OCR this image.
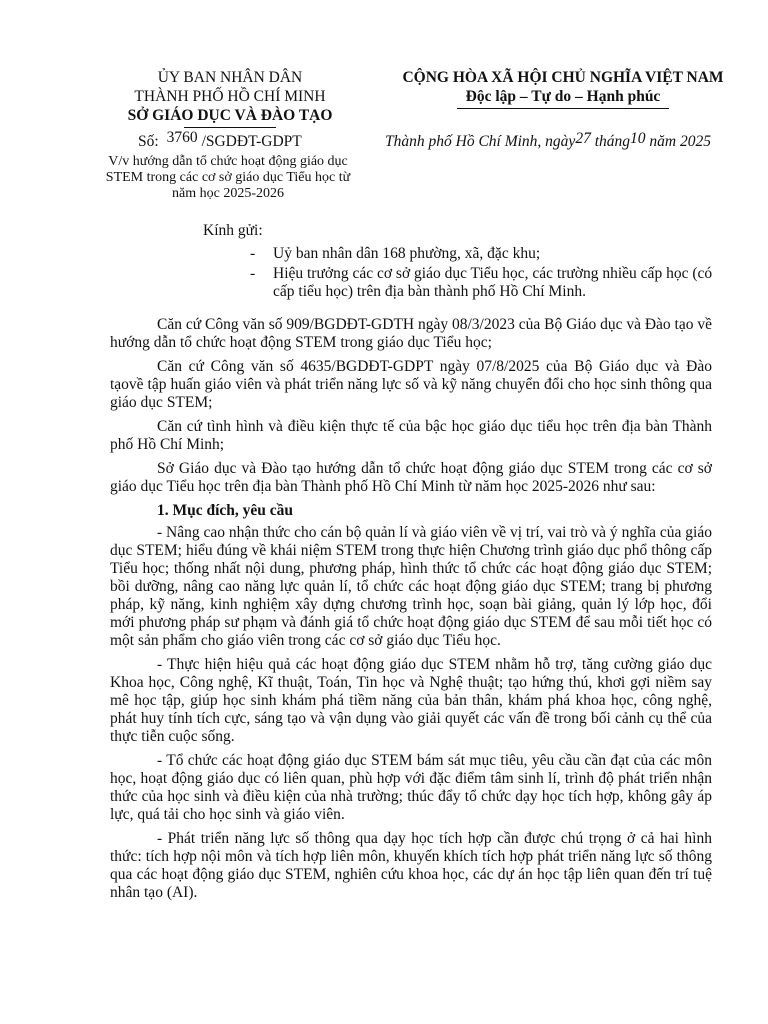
ỦY BAN NHÂN DÂN
THÀNH PHỐ HỒ CHÍ MINH
SỞ GIÁO DỤC VÀ ĐÀO TẠO
CỘNG HÒA XÃ HỘI CHỦ NGHĨA VIỆT NAM
Độc lập – Tự do – Hạnh phúc
Số: 3760 /SGDĐT-GDPT
V/v hướng dẫn tổ chức hoạt động giáo dục STEM trong các cơ sở giáo dục Tiểu học từ năm học 2025-2026
Thành phố Hồ Chí Minh, ngày27 tháng10 năm 2025
Kính gửi:
- Uỷ ban nhân dân 168 phường, xã, đặc khu;
- Hiệu trưởng các cơ sở giáo dục Tiểu học, các trường nhiều cấp học (có cấp tiểu học) trên địa bàn thành phố Hồ Chí Minh.

Căn cứ Công văn số 909/BGDĐT-GDTH ngày 08/3/2023 của Bộ Giáo dục và Đào tạo về hướng dẫn tổ chức hoạt động STEM trong giáo dục Tiểu học;

Căn cứ Công văn số 4635/BGDĐT-GDPT ngày 07/8/2025 của Bộ Giáo dục và Đào tạovề tập huấn giáo viên và phát triển năng lực số và kỹ năng chuyển đổi cho học sinh thông qua giáo dục STEM;

Căn cứ tình hình và điều kiện thực tế của bậc học giáo dục tiểu học trên địa bàn Thành phố Hồ Chí Minh;

Sở Giáo dục và Đào tạo hướng dẫn tổ chức hoạt động giáo dục STEM trong các cơ sở giáo dục Tiểu học trên địa bàn Thành phố Hồ Chí Minh từ năm học 2025-2026 như sau:

1. Mục đích, yêu cầu

- Nâng cao nhận thức cho cán bộ quản lí và giáo viên về vị trí, vai trò và ý nghĩa của giáo dục STEM; hiểu đúng về khái niệm STEM trong thực hiện Chương trình giáo dục phổ thông cấp Tiểu học; thống nhất nội dung, phương pháp, hình thức tổ chức các hoạt động giáo dục STEM; bồi dưỡng, nâng cao năng lực quản lí, tổ chức các hoạt động giáo dục STEM; trang bị phương pháp, kỹ năng, kinh nghiệm xây dựng chương trình học, soạn bài giảng, quản lý lớp học, đổi mới phương pháp sư phạm và đánh giá tổ chức hoạt động giáo dục STEM để sau mỗi tiết học có một sản phẩm cho giáo viên trong các cơ sở giáo dục Tiểu học.

- Thực hiện hiệu quả các hoạt động giáo dục STEM nhằm hỗ trợ, tăng cường giáo dục Khoa học, Công nghệ, Kĩ thuật, Toán, Tin học và Nghệ thuật; tạo hứng thú, khơi gợi niềm say mê học tập, giúp học sinh khám phá tiềm năng của bản thân, khám phá khoa học, công nghệ, phát huy tính tích cực, sáng tạo và vận dụng vào giải quyết các vấn đề trong bối cảnh cụ thể của thực tiễn cuộc sống.

- Tổ chức các hoạt động giáo dục STEM bám sát mục tiêu, yêu cầu cần đạt của các môn học, hoạt động giáo dục có liên quan, phù hợp với đặc điểm tâm sinh lí, trình độ phát triển nhận thức của học sinh và điều kiện của nhà trường; thúc đẩy tổ chức dạy học tích hợp, không gây áp lực, quá tải cho học sinh và giáo viên.

- Phát triển năng lực số thông qua dạy học tích hợp cần được chú trọng ở cả hai hình thức: tích hợp nội môn và tích hợp liên môn, khuyến khích tích hợp phát triển năng lực số thông qua các hoạt động giáo dục STEM, nghiên cứu khoa học, các dự án học tập liên quan đến trí tuệ nhân tạo (AI).
